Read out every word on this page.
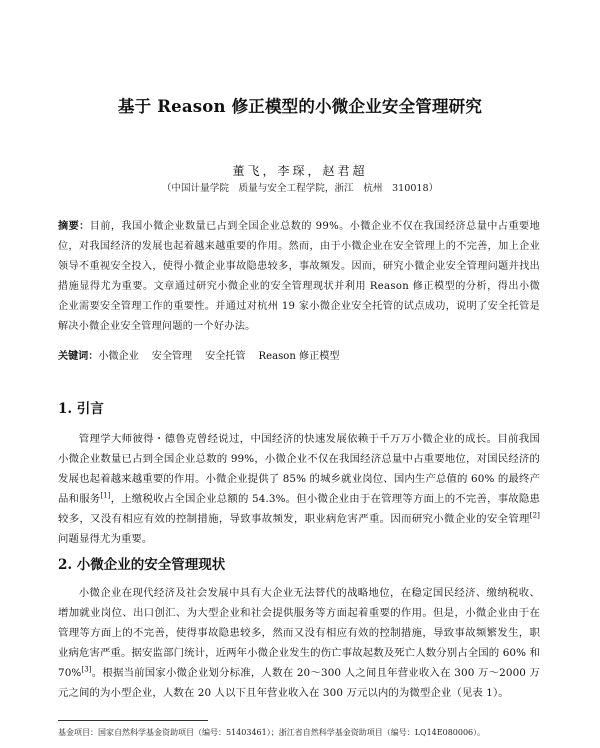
基于 Reason 修正模型的小微企业安全管理研究
董飞，李琛，赵君超
（中国计量学院　质量与安全工程学院，浙江　杭州　310018）
摘要：目前，我国小微企业数量已占到全国企业总数的 99%。小微企业不仅在我国经济总量中占重要地位，对我国经济的发展也起着越来越重要的作用。然而，由于小微企业在安全管理上的不完善，加上企业领导不重视安全投入，使得小微企业事故隐患较多，事故频发。因而，研究小微企业安全管理问题并找出措施显得尤为重要。文章通过研究小微企业的安全管理现状并利用 Reason 修正模型的分析，得出小微企业需要安全管理工作的重要性。并通过对杭州 19 家小微企业安全托管的试点成功，说明了安全托管是解决小微企业安全管理问题的一个好办法。
关键词：小微企业 安全管理 安全托管 Reason 修正模型
1. 引言
管理学大师彼得・德鲁克曾经说过，中国经济的快速发展依赖于千万万小微企业的成长。目前我国小微企业数量已占到全国企业总数的 99%，小微企业不仅在我国经济总量中占重要地位，对国民经济的发展也起着越来越重要的作用。小微企业提供了 85% 的城乡就业岗位、国内生产总值的 60% 的最终产品和服务[1]，上缴税收占全国企业总额的 54.3%。但小微企业由于在管理等方面上的不完善，事故隐患较多，又没有相应有效的控制措施，导致事故频发，职业病危害严重。因而研究小微企业的安全管理[2]问题显得尤为重要。
2. 小微企业的安全管理现状
小微企业在现代经济及社会发展中具有大企业无法替代的战略地位，在稳定国民经济、缴纳税收、增加就业岗位、出口创汇、为大型企业和社会提供服务等方面起着重要的作用。但是，小微企业由于在管理等方面上的不完善，使得事故隐患较多，然而又没有相应有效的控制措施，导致事故频繁发生，职业病危害严重。据安监部门统计，近两年小微企业发生的伤亡事故起数及死亡人数分别占全国的 60% 和 70%[3]。根据当前国家小微企业划分标准，人数在 20～300 人之间且年营业收入在 300 万～2000 万元之间的为小型企业，人数在 20 人以下且年营业收入在 300 万元以内的为微型企业（见表 1）。
基金项目：国家自然科学基金资助项目（编号：51403461）；浙江省自然科学基金资助项目（编号：LQ14E080006）。
